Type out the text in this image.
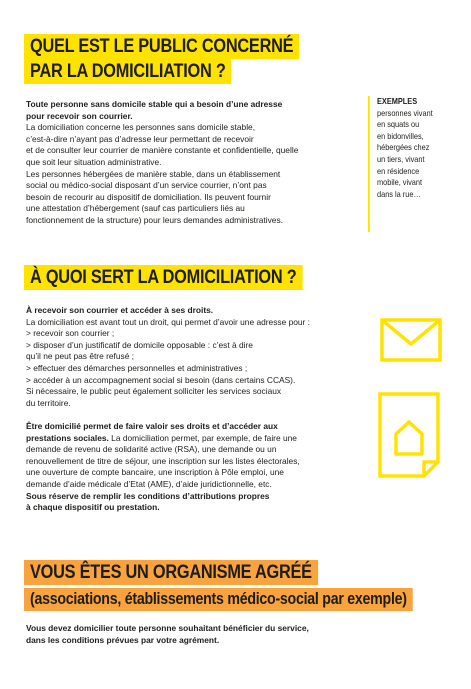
QUEL EST LE PUBLIC CONCERNÉ
PAR LA DOMICILIATION ?

Toute personne sans domicile stable qui a besoin d’une adresse
pour recevoir son courrier.

La domiciliation concerne les personnes sans domicile stable,

c’est-à-dire n’ayant pas d’adresse leur permettant de recevoir

et de consulter leur courrier de manière constante et confidentielle, quelle

que soit leur situation administrative.

Les personnes hébergées de manière stable, dans un établissement

social ou médico-social disposant d’un service courrier, n’ont pas

besoin de recourir au dispositif de domiciliation. Ils peuvent fournir

une attestation d’hébergement (sauf cas particuliers liés au

fonctionnement de la structure) pour leurs demandes administratives.

EXEMPLES
personnes vivant
en squats ou
en bidonvilles,
hébergées chez
un tiers, vivant
en résidence
mobile, vivant
dans la rue…
À QUOI SERT LA DOMICILIATION ?

À recevoir son courrier et accéder à ses droits.

La domiciliation est avant tout un droit, qui permet d’avoir une adresse pour :

> recevoir son courrier ;

> disposer d’un justificatif de domicile opposable : c’est à dire

qu’il ne peut pas être refusé ;

> effectuer des démarches personnelles et administratives ;

> accéder à un accompagnement social si besoin (dans certains CCAS).

Si nécessaire, le public peut également solliciter les services sociaux

du territoire.

Être domicilié permet de faire valoir ses droits et d’accéder aux

prestations sociales. La domiciliation permet, par exemple, de faire une

demande de revenu de solidarité active (RSA), une demande ou un

renouvellement de titre de séjour, une inscription sur les listes électorales,

une ouverture de compte bancaire, une inscription à Pôle emploi, une

demande d’aide médicale d’Etat (AME), d’aide juridictionnelle, etc.

Sous réserve de remplir les conditions d’attributions propres

à chaque dispositif ou prestation.

VOUS ÊTES UN ORGANISME AGRÉÉ
(associations, établissements médico-social par exemple)

Vous devez domicilier toute personne souhaitant bénéficier du service,

dans les conditions prévues par votre agrément.
